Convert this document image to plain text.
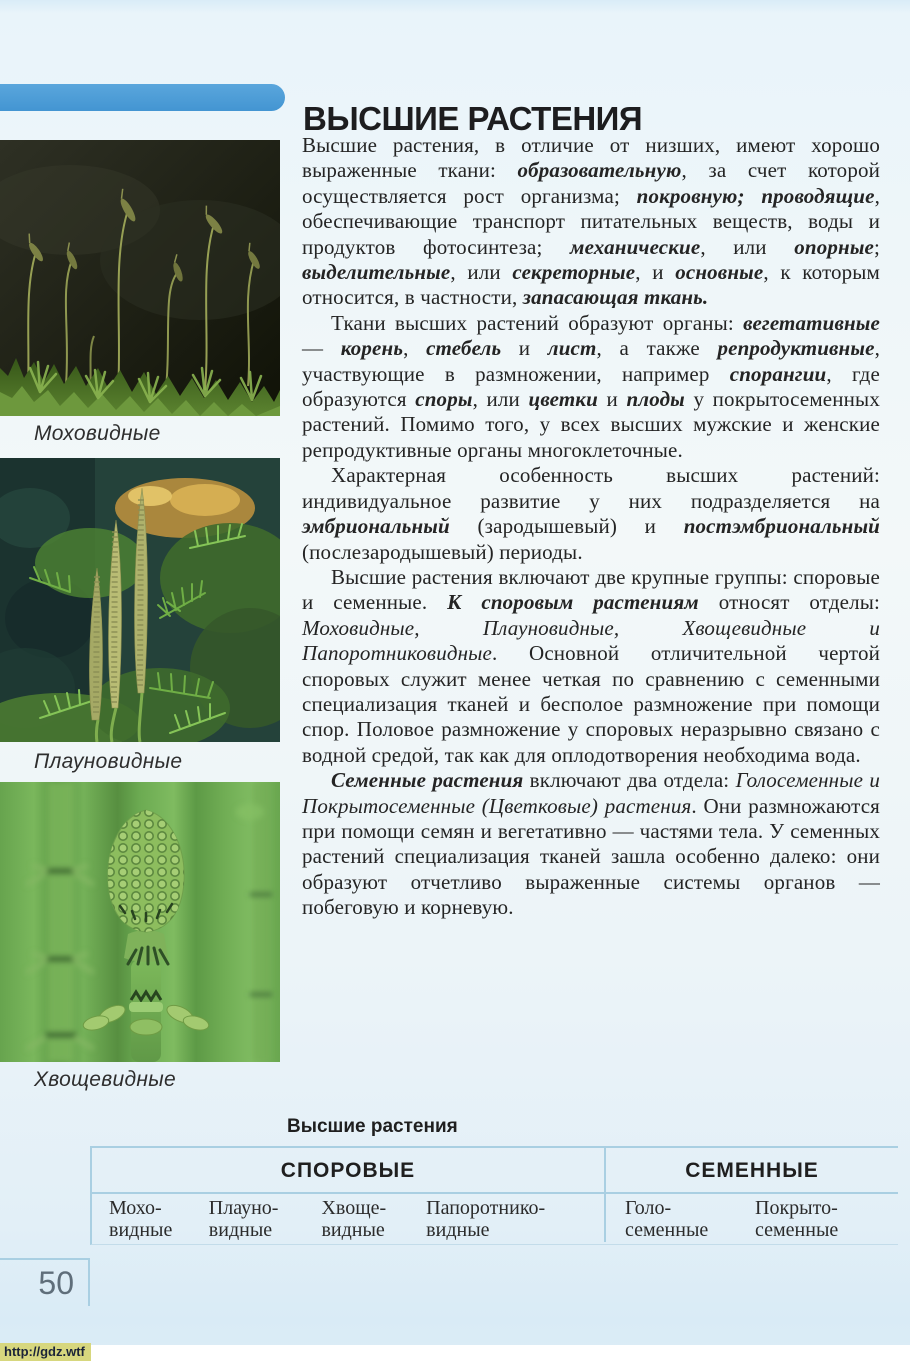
ВЫСШИЕ РАСТЕНИЯ
Моховидные
Плауновидные
Хвощевидные

Высшие растения, в отличие от низших, имеют хорошо выраженные ткани: образовательную, за счет которой осуществляется рост организма; покровную; проводящие, обеспечивающие транспорт питательных веществ, воды и продуктов фотосинтеза; механические, или опорные; выделительные, или секреторные, и основные, к которым относится, в частности, запасающая ткань.

Ткани высших растений образуют органы: вегетативные — корень, стебель и лист, а также репродуктивные, участвующие в размножении, например спорангии, где образуются споры, или цветки и плоды у покрытосеменных растений. Помимо того, у всех высших мужские и женские репродуктивные органы многоклеточные.

Характерная особенность высших растений: индивидуальное развитие у них подразделяется на эмбриональный (зародышевый) и постэмбриональный (послезародышевый) периоды.

Высшие растения включают две крупные группы: споровые и семенные. К споровым растениям относят отделы: Моховидные, Плауновидные, Хвощевидные и Папоротниковидные. Основной отличительной чертой споровых служит менее четкая по сравнению с семенными специализация тканей и бесполое размножение при помощи спор. Половое размножение у споровых неразрывно связано с водной средой, так как для оплодотворения необходима вода.

Семенные растения включают два отдела: Голосеменные и Покрытосеменные (Цветковые) растения. Они размножаются при помощи семян и вегетативно — частями тела. У семенных растений специализация тканей зашла особенно далеко: они образуют отчетливо выраженные системы органов — побеговую и корневую.

Высшие растения
СПОРОВЫЕ	СЕМЕННЫЕ
Мохо-
видные
Плауно-
видные
Хвоще-
видные
Папоротнико-
видные
Голо-
семенные
Покрыто-
семенные
50
http://gdz.wtf
